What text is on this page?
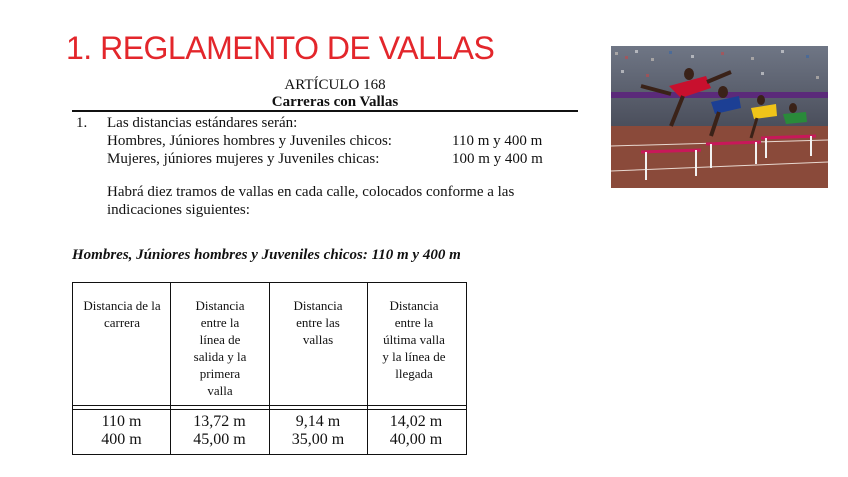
1. REGLAMENTO DE VALLAS
ARTÍCULO 168
Carreras con Vallas
1. Las distancias estándares serán:
Hombres, Júniores hombres y Juveniles chicos:	110 m y 400 m
Mujeres, júniores mujeres y Juveniles chicas:	100 m y 400 m
Habrá diez tramos de vallas en cada calle, colocados conforme a las indicaciones siguientes:
Hombres, Júniores hombres y Juveniles chicos: 110 m y 400 m
Distancia de la carrera
Distancia entre la línea de salida y la primera valla
Distancia entre las vallas
Distancia entre la última valla y la línea de llegada
110 m
400 m
13,72 m
45,00 m
9,14 m
35,00 m
14,02 m
40,00 m
